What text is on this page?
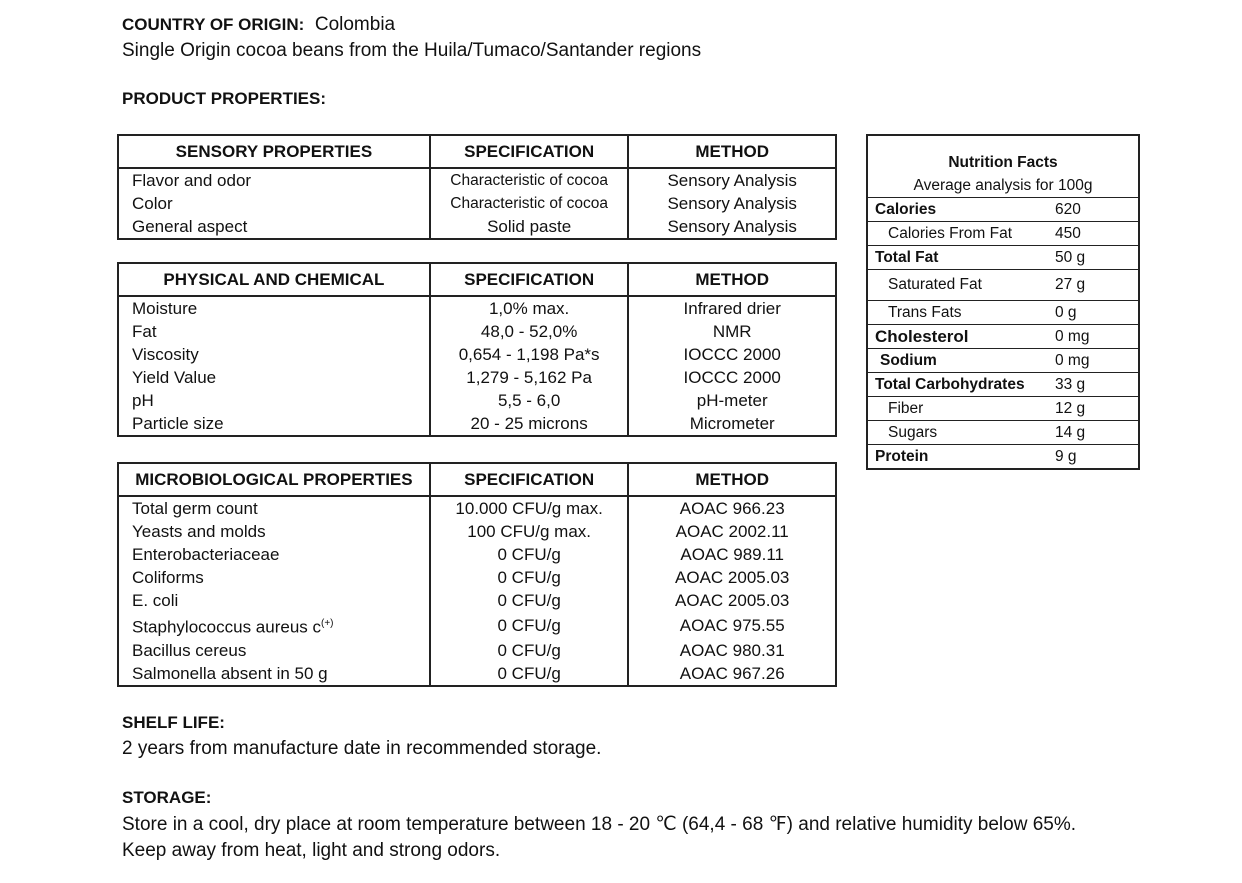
COUNTRY OF ORIGIN: Colombia
Single Origin cocoa beans from the Huila/Tumaco/Santander regions
PRODUCT PROPERTIES:
SENSORY PROPERTIES	SPECIFICATION	METHOD
Flavor and odor	Characteristic of cocoa	Sensory Analysis
Color	Characteristic of cocoa	Sensory Analysis
General aspect	Solid paste	Sensory Analysis
PHYSICAL AND CHEMICAL	SPECIFICATION	METHOD
Moisture	1,0% max.	Infrared drier
Fat	48,0 - 52,0%	NMR
Viscosity	0,654 - 1,198 Pa*s	IOCCC 2000
Yield Value	1,279 - 5,162 Pa	IOCCC 2000
pH	5,5 - 6,0	pH-meter
Particle size	20 - 25 microns	Micrometer
MICROBIOLOGICAL PROPERTIES	SPECIFICATION	METHOD
Total germ count	10.000 CFU/g max.	AOAC 966.23
Yeasts and molds	100 CFU/g max.	AOAC 2002.11
Enterobacteriaceae	0 CFU/g	AOAC 989.11
Coliforms	0 CFU/g	AOAC 2005.03
E. coli	0 CFU/g	AOAC 2005.03
Staphylococcus aureus c(+)	0 CFU/g	AOAC 975.55
Bacillus cereus	0 CFU/g	AOAC 980.31
Salmonella absent in 50 g	0 CFU/g	AOAC 967.26
Nutrition Facts	
Average analysis for 100g	
Calories	620
Calories From Fat	450
Total Fat	50 g
Saturated Fat	27 g
Trans Fats	0 g
Cholesterol	0 mg
Sodium	0 mg
Total Carbohydrates	33 g
Fiber	12 g
Sugars	14 g
Protein	9 g
SHELF LIFE:
2 years from manufacture date in recommended storage.
STORAGE:
Store in a cool, dry place at room temperature between 18 - 20 ℃ (64,4 - 68 ℉) and relative humidity below 65%.
Keep away from heat, light and strong odors.
